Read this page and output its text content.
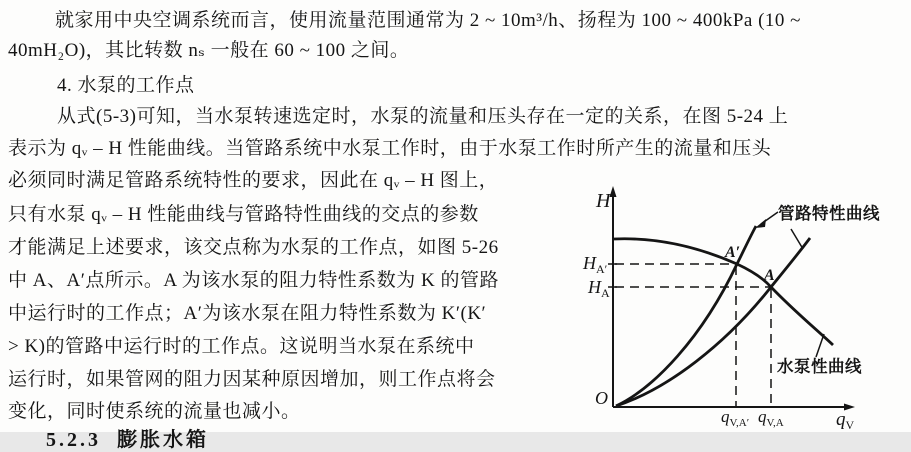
就家用中央空调系统而言，使用流量范围通常为 2 ~ 10m³/h、扬程为 100 ~ 400kPa (10 ~
40mH₂O)，其比转数 nₛ 一般在 60 ~ 100 之间。
4. 水泵的工作点
从式(5-3)可知，当水泵转速选定时，水泵的流量和压头存在一定的关系，在图 5-24 上
表示为 qᵥ – H 性能曲线。当管路系统中水泵工作时，由于水泵工作时所产生的流量和压头
必须同时满足管路系统特性的要求，因此在 qᵥ – H 图上，
只有水泵 qᵥ – H 性能曲线与管路特性曲线的交点的参数
才能满足上述要求，该交点称为水泵的工作点，如图 5-26
中 A、A′点所示。A 为该水泵的阻力特性系数为 K 的管路
中运行时的工作点；A′为该水泵在阻力特性系数为 K′(K′
> K)的管路中运行时的工作点。这说明当水泵在系统中
运行时，如果管网的阻力因某种原因增加，则工作点将会
变化，同时使系统的流量也减小。
5.2.3  膨胀水箱
H
O
$q_V$
$H_{A'}$
$H_A$
A′
A
$q_{V,A'}$ $q_{V,A}$
管路特性曲线
水泵性曲线
